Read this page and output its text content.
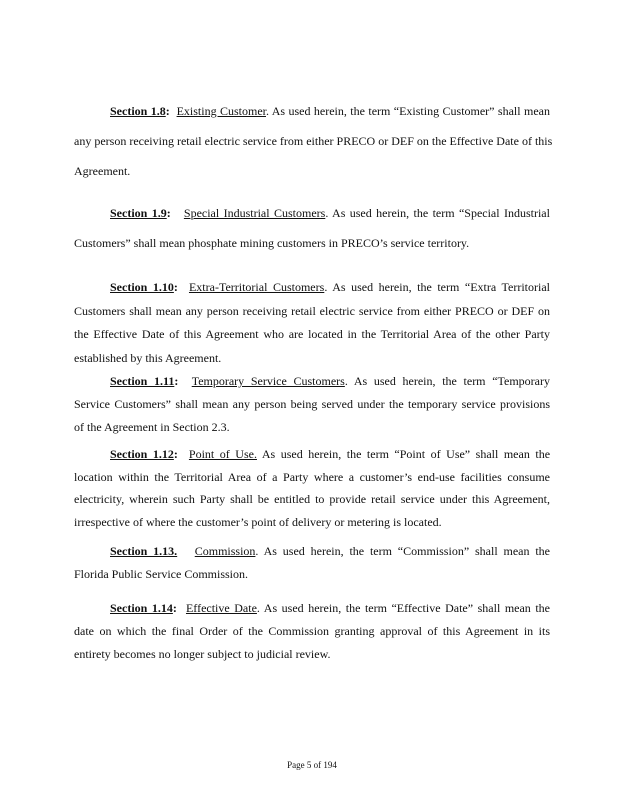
Section 1.8: Existing Customer. As used herein, the term “Existing Customer” shall mean
any person receiving retail electric service from either PRECO or DEF on the Effective Date of this
Agreement.
Section 1.9: Special Industrial Customers. As used herein, the term “Special Industrial
Customers” shall mean phosphate mining customers in PRECO’s service territory.
Section 1.10: Extra-Territorial Customers. As used herein, the term “Extra Territorial
Customers shall mean any person receiving retail electric service from either PRECO or DEF on
the Effective Date of this Agreement who are located in the Territorial Area of the other Party
established by this Agreement.
Section 1.11: Temporary Service Customers. As used herein, the term “Temporary
Service Customers” shall mean any person being served under the temporary service provisions
of the Agreement in Section 2.3.
Section 1.12: Point of Use. As used herein, the term “Point of Use” shall mean the
location within the Territorial Area of a Party where a customer’s end-use facilities consume
electricity, wherein such Party shall be entitled to provide retail service under this Agreement,
irrespective of where the customer’s point of delivery or metering is located.
Section 1.13. Commission. As used herein, the term “Commission” shall mean the
Florida Public Service Commission.
Section 1.14: Effective Date. As used herein, the term “Effective Date” shall mean the
date on which the final Order of the Commission granting approval of this Agreement in its
entirety becomes no longer subject to judicial review.
Page 5 of 194
